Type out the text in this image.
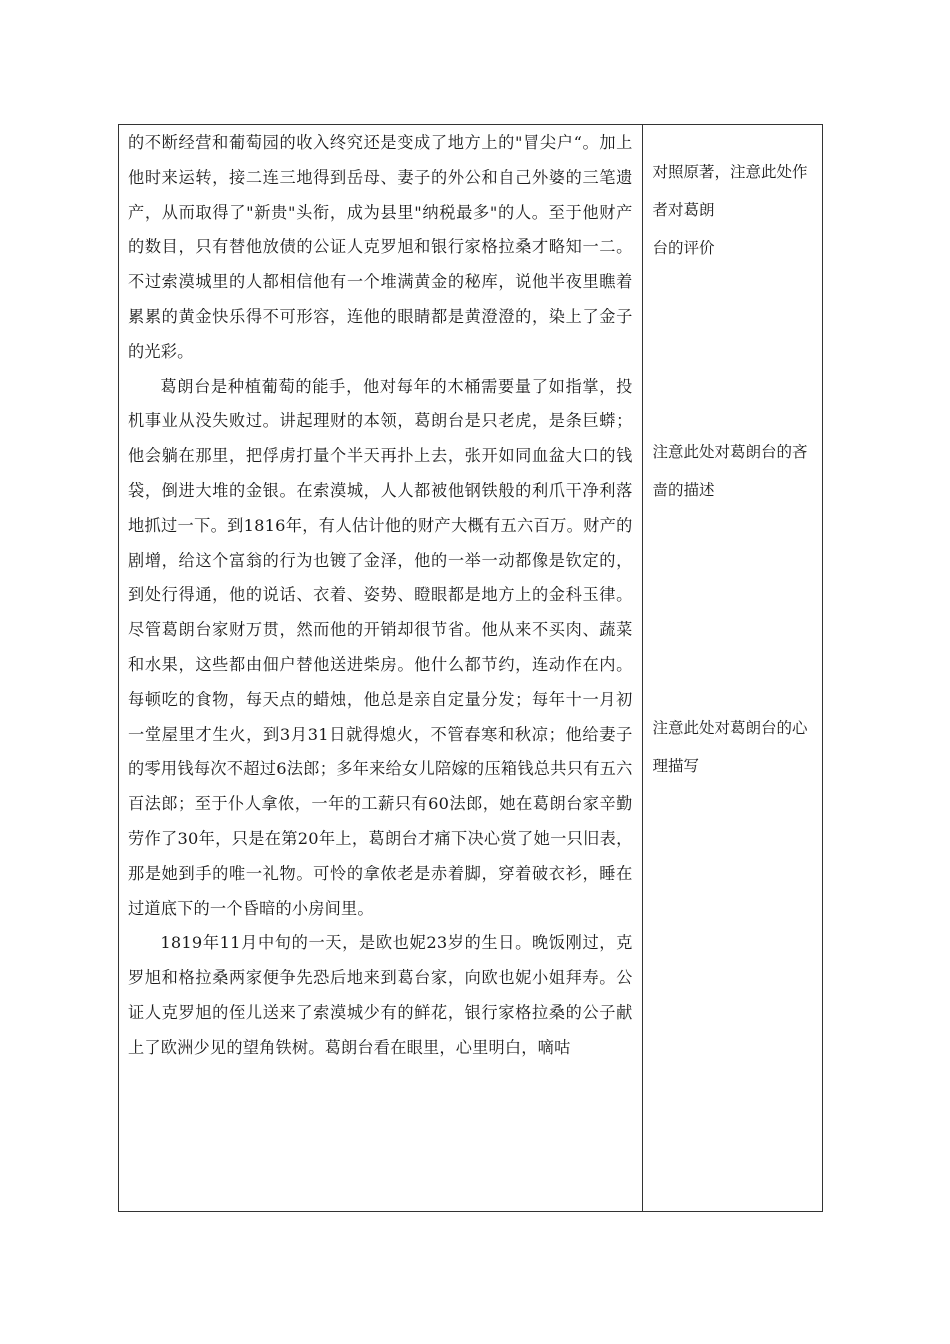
的不断经营和葡萄园的收入终究还是变成了地方上的"冒尖户“。加上他时来运转，接二连三地得到岳母、妻子的外公和自己外婆的三笔遗产，从而取得了"新贵"头衔，成为县里"纳税最多"的人。至于他财产的数目，只有替他放债的公证人克罗旭和银行家格拉桑才略知一二。不过索漠城里的人都相信他有一个堆满黄金的秘库，说他半夜里瞧着累累的黄金快乐得不可形容，连他的眼睛都是黄澄澄的，染上了金子的光彩。

葛朗台是种植葡萄的能手，他对每年的木桶需要量了如指掌，投机事业从没失败过。讲起理财的本领，葛朗台是只老虎，是条巨蟒；他会躺在那里，把俘虏打量个半天再扑上去，张开如同血盆大口的钱袋，倒进大堆的金银。在索漠城，人人都被他钢铁般的利爪干净利落地抓过一下。到1816年，有人估计他的财产大概有五六百万。财产的剧增，给这个富翁的行为也镀了金泽，他的一举一动都像是钦定的，到处行得通，他的说话、衣着、姿势、瞪眼都是地方上的金科玉律。尽管葛朗台家财万贯，然而他的开销却很节省。他从来不买肉、蔬菜和水果，这些都由佃户替他送进柴房。他什么都节约，连动作在内。每顿吃的食物，每天点的蜡烛，他总是亲自定量分发；每年十一月初一堂屋里才生火，到3月31日就得熄火，不管春寒和秋凉；他给妻子的零用钱每次不超过6法郎；多年来给女儿陪嫁的压箱钱总共只有五六百法郎；至于仆人拿侬，一年的工薪只有60法郎，她在葛朗台家辛勤劳作了30年，只是在第20年上，葛朗台才痛下决心赏了她一只旧表，那是她到手的唯一礼物。可怜的拿侬老是赤着脚，穿着破衣衫，睡在过道底下的一个昏暗的小房间里。

1819年11月中旬的一天，是欧也妮23岁的生日。晚饭刚过，克罗旭和格拉桑两家便争先恐后地来到葛台家，向欧也妮小姐拜寿。公证人克罗旭的侄儿送来了索漠城少有的鲜花，银行家格拉桑的公子献上了欧洲少见的望角铁树。葛朗台看在眼里，心里明白，嘀咕

对照原著，注意此处作者对葛朗
台的评价

注意此处对葛朗台的吝啬的描述

注意此处对葛朗台的心理描写
